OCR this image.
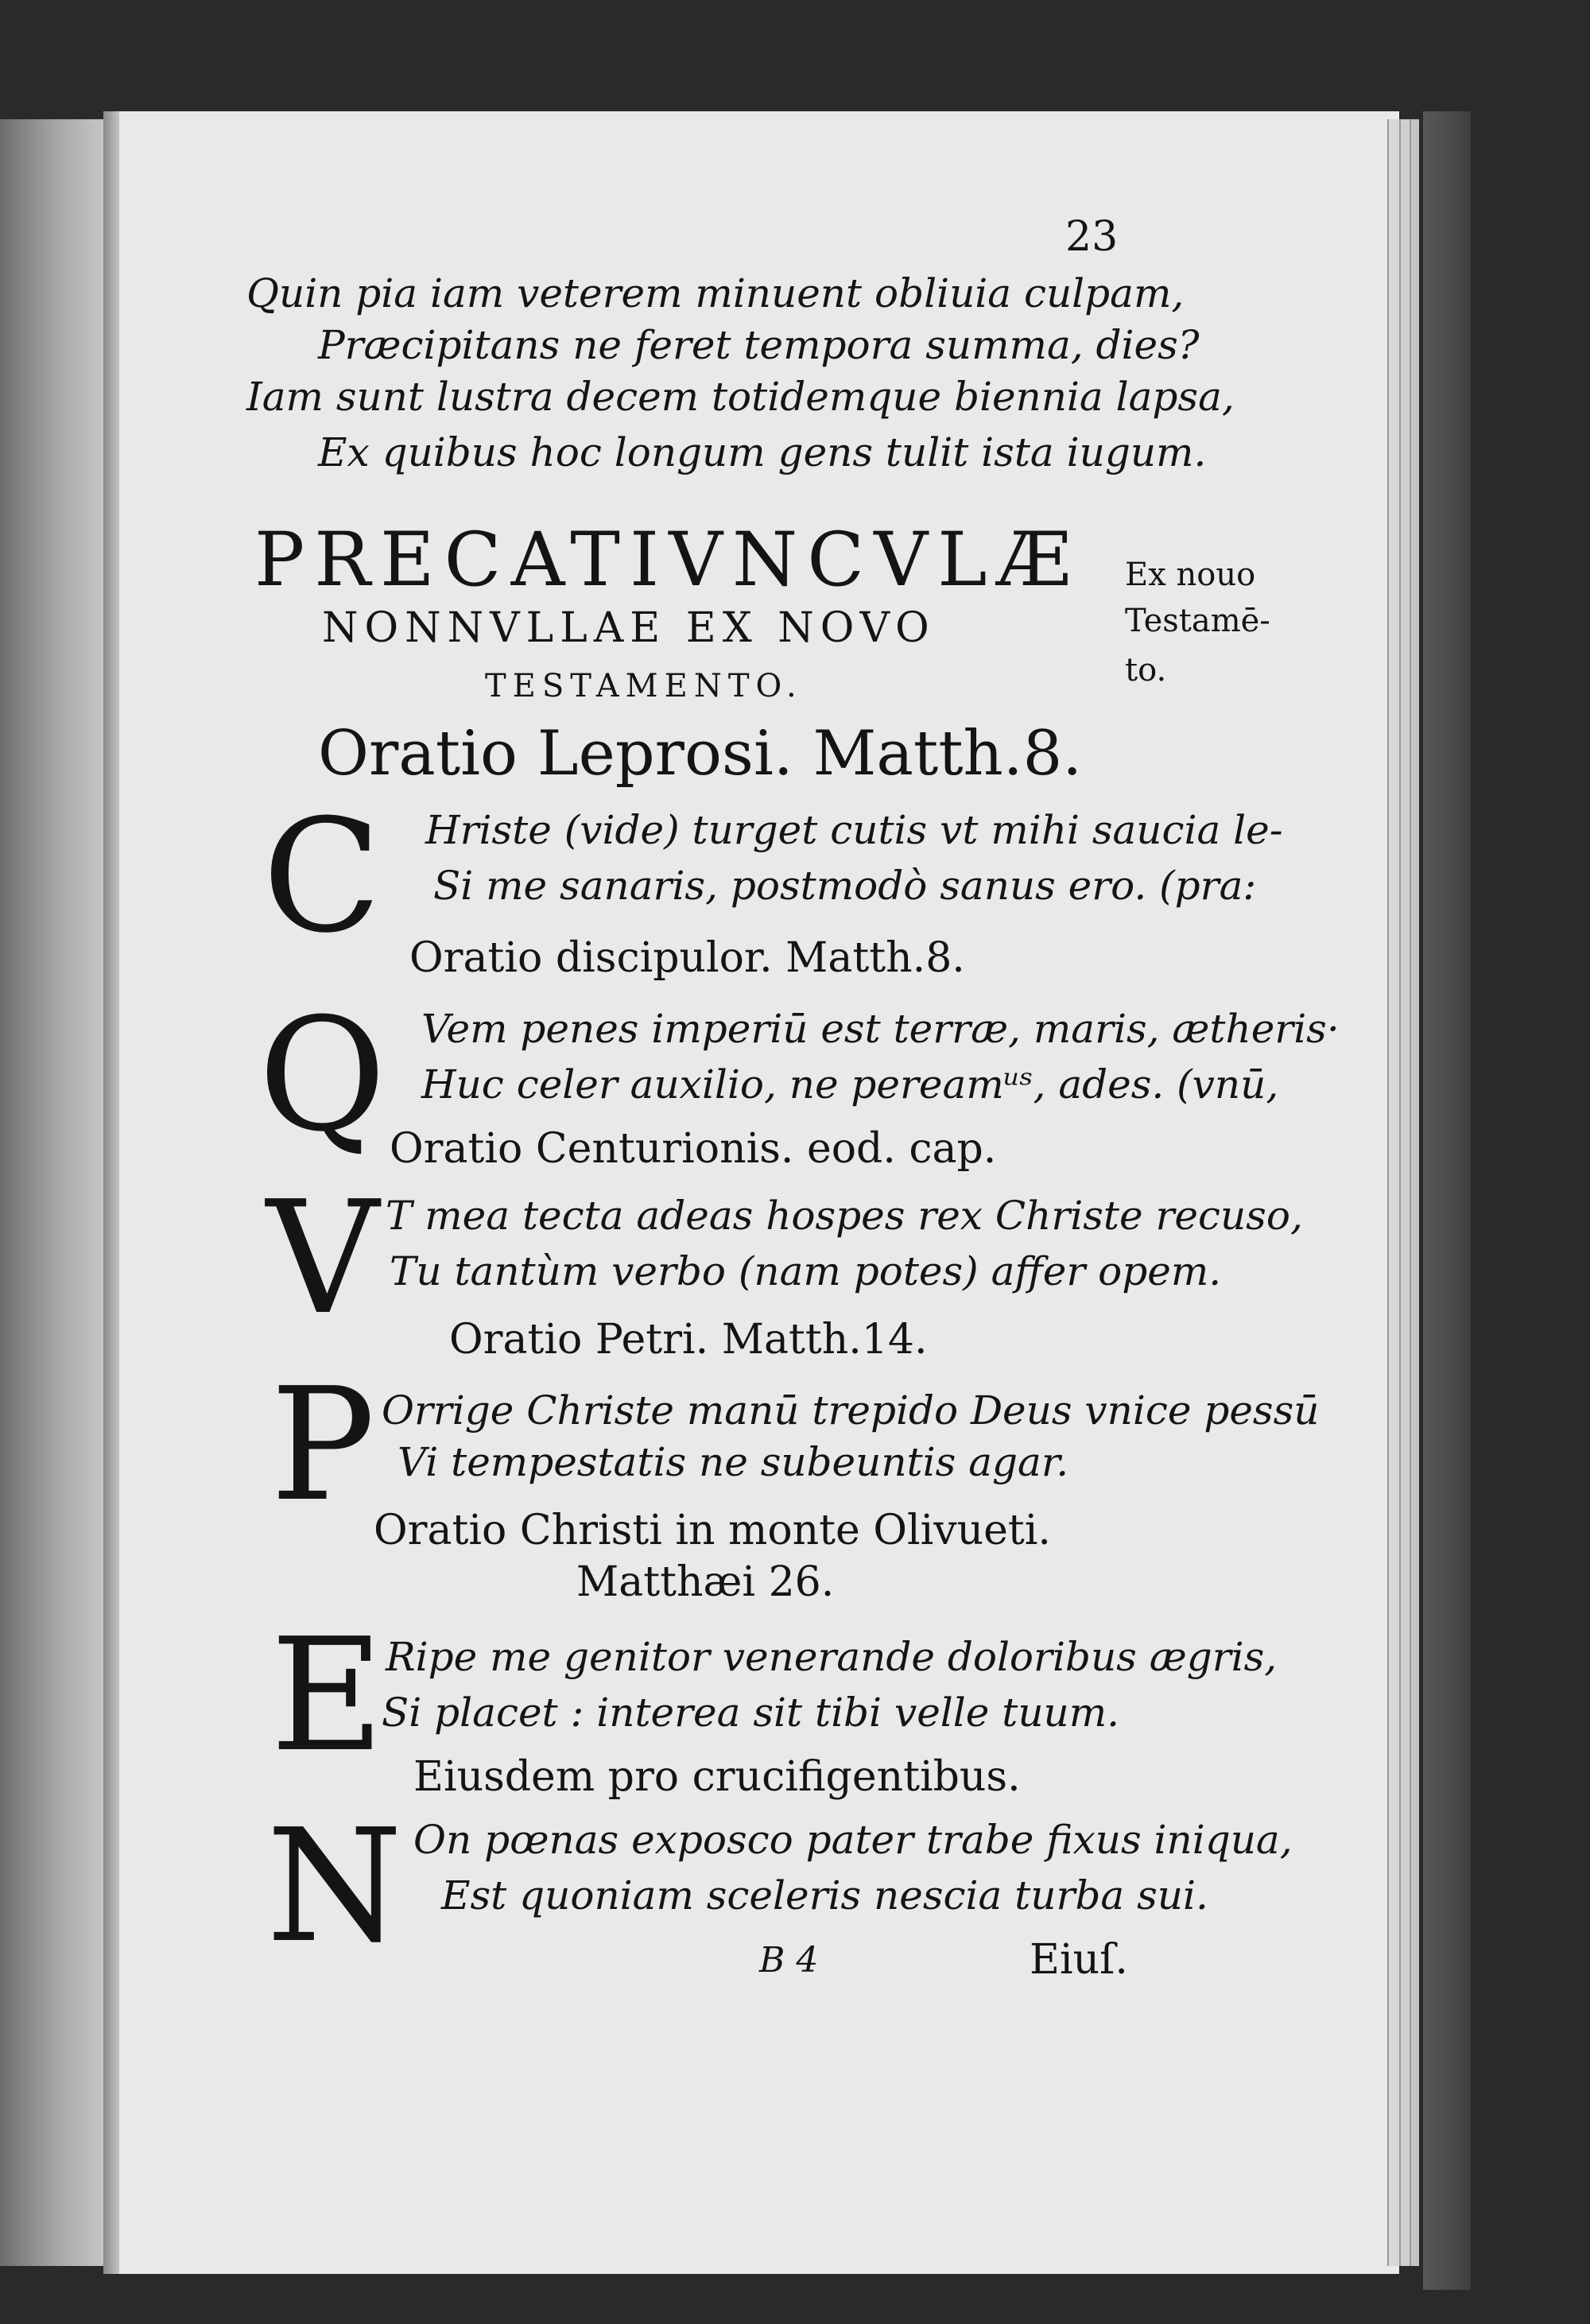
23
Quin pia iam veterem minuent obliuia culpam,
Præcipitans ne feret tempora summa, dies?
Iam sunt lustra decem totidemque biennia lapsa,
Ex quibus hoc longum gens tulit ista iugum.
PRECATIVNCVLÆ
NONNVLLAE EX NOVO
TESTAMENTO.
Ex nouo
Testamē-
to.
Oratio Leprosi. Matth.8.
C Hriste (vide) turget cutis vt mihi saucia le-
Si me sanaris, postmodò sanus ero. (pra:
Oratio discipulor. Matth.8.
Q Vem penes imperiū est terræ, maris, ætheris·
Huc celer auxilio, ne pereamᵘˢ, ades. (vnū,
Oratio Centurionis. eod. cap.
V T mea tecta adeas hospes rex Christe recuso,
Tu tantùm verbo (nam potes) affer opem.
Oratio Petri. Matth.14.
P Orrige Christe manū trepido Deus vnice pessū
Vi tempestatis ne subeuntis agar.
Oratio Christi in monte Olivueti.
Matthæi 26.
E Ripe me genitor venerande doloribus ægris,
Si placet : interea sit tibi velle tuum.
Eiusdem pro crucifigentibus.
N On pœnas exposco pater trabe fixus iniqua,
Est quoniam sceleris nescia turba sui.
B 4	Eiuſ.
